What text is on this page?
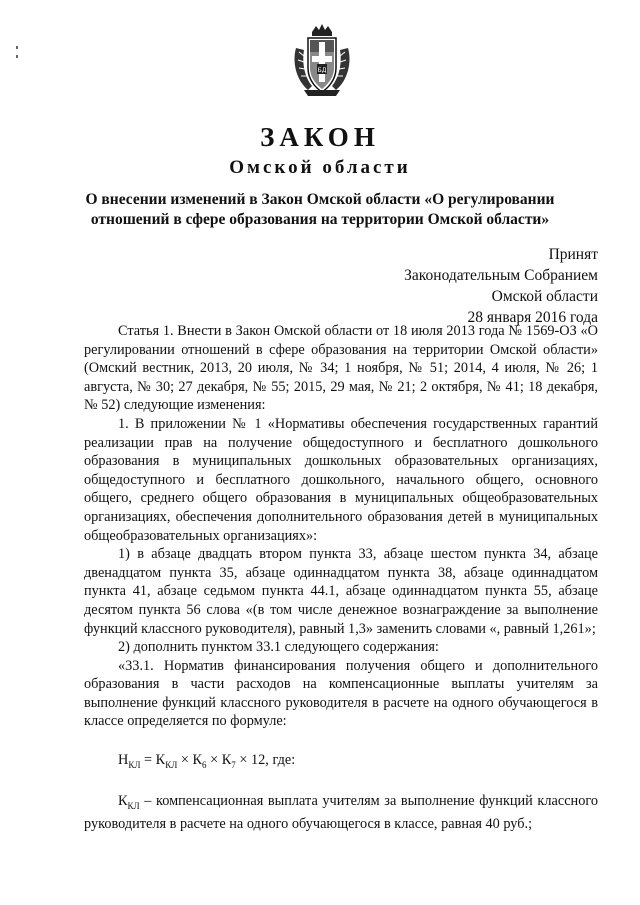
БД
ЗАКОН
Омской области
О внесении изменений в Закон Омской области «О регулировании
отношений в сфере образования на территории Омской области»
Принят
Законодательным Собранием
Омской области
28 января 2016 года

Статья 1. Внести в Закон Омской области от 18 июля 2013 года № 1569-ОЗ «О регулировании отношений в сфере образования на территории Омской области» (Омский вестник, 2013, 20 июля, № 34; 1 ноября, № 51; 2014, 4 июля, № 26; 1 августа, № 30; 27 декабря, № 55; 2015, 29 мая, № 21; 2 октября, № 41; 18 декабря, № 52) следующие изменения:

1. В приложении № 1 «Нормативы обеспечения государственных гарантий реализации прав на получение общедоступного и бесплатного дошкольного образования в муниципальных дошкольных образовательных организациях, общедоступного и бесплатного дошкольного, начального общего, основного общего, среднего общего образования в муниципальных общеобразовательных организациях, обеспечения дополнительного образования детей в муниципальных общеобразовательных организациях»:

1) в абзаце двадцать втором пункта 33, абзаце шестом пункта 34, абзаце двенадцатом пункта 35, абзаце одиннадцатом пункта 38, абзаце одиннадцатом пункта 41, абзаце седьмом пункта 44.1, абзаце одиннадцатом пункта 55, абзаце десятом пункта 56 слова «(в том числе денежное вознаграждение за выполнение функций классного руководителя), равный 1,3» заменить словами «, равный 1,261»;

2) дополнить пунктом 33.1 следующего содержания:

«33.1. Норматив финансирования получения общего и дополнительного образования в части расходов на компенсационные выплаты учителям за выполнение функций классного руководителя в расчете на одного обучающегося в классе определяется по формуле:

$Н_{КЛ} = К_{КЛ} \times К_6 \times К_7 \times 12$, где:

$К_{КЛ}$ – компенсационная выплата учителям за выполнение функций классного руководителя в расчете на одного обучающегося в классе, равная 40 руб.;
